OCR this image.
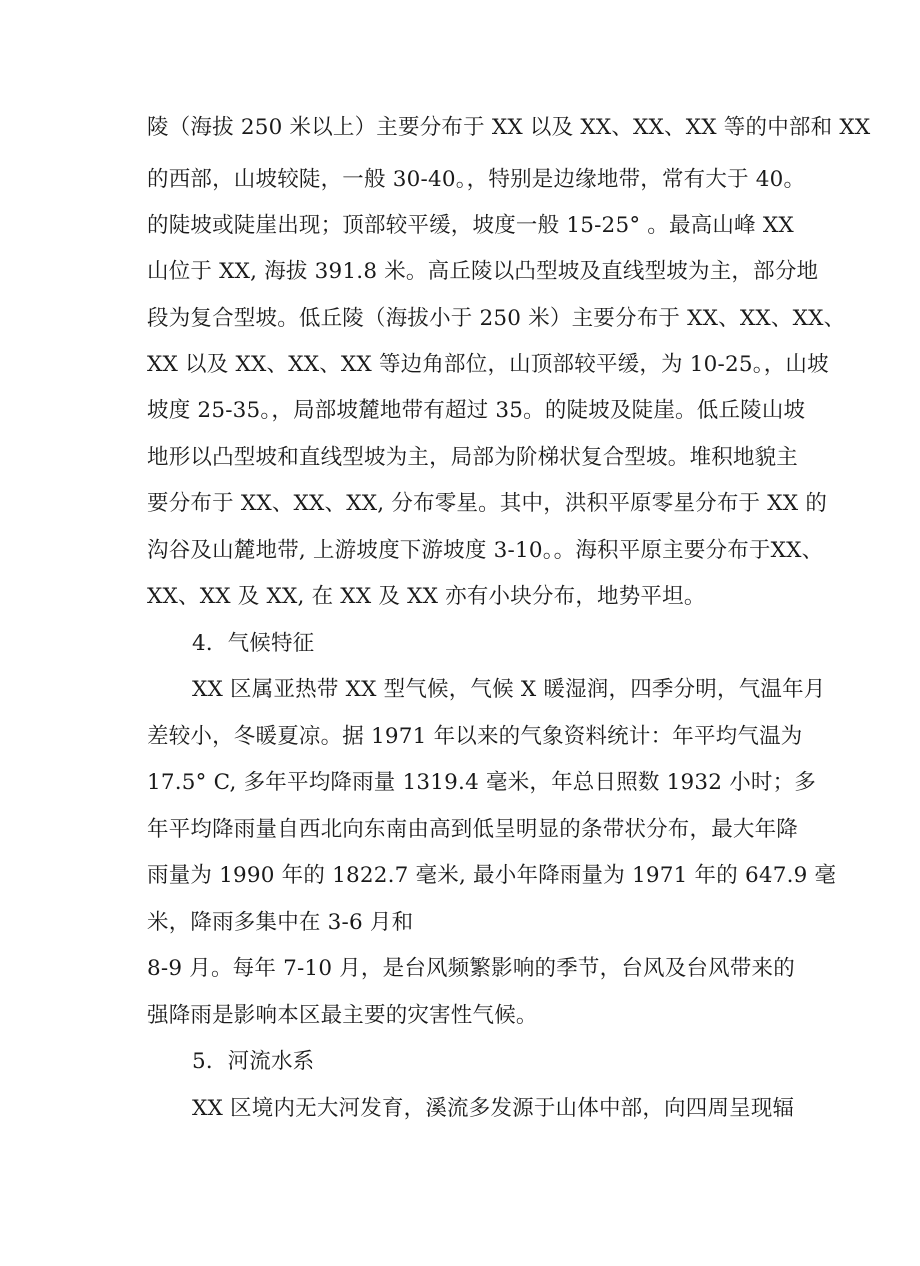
陵（海拔 250 米以上）主要分布于 XX 以及 XX、XX、XX 等的中部和 XX
的西部，山坡较陡，一般 30-40。，特别是边缘地带，常有大于 40。
的陡坡或陡崖出现；顶部较平缓，坡度一般 15-25° 。最高山峰 XX
山位于 XX, 海拔 391.8 米。高丘陵以凸型坡及直线型坡为主，部分地
段为复合型坡。低丘陵（海拔小于 250 米）主要分布于 XX、XX、XX、
XX 以及 XX、XX、XX 等边角部位，山顶部较平缓，为 10-25。，山坡
坡度 25-35。，局部坡麓地带有超过 35。的陡坡及陡崖。低丘陵山坡
地形以凸型坡和直线型坡为主，局部为阶梯状复合型坡。堆积地貌主
要分布于 XX、XX、XX, 分布零星。其中，洪积平原零星分布于 XX 的
沟谷及山麓地带, 上游坡度下游坡度 3-10。。海积平原主要分布于XX、
XX、XX 及 XX, 在 XX 及 XX 亦有小块分布，地势平坦。
4．气候特征
XX 区属亚热带 XX 型气候，气候 X 暖湿润，四季分明，气温年月
差较小，冬暖夏凉。据 1971 年以来的气象资料统计：年平均气温为
17.5° C, 多年平均降雨量 1319.4 毫米，年总日照数 1932 小时；多
年平均降雨量自西北向东南由高到低呈明显的条带状分布，最大年降
雨量为 1990 年的 1822.7 毫米, 最小年降雨量为 1971 年的 647.9 毫
米，降雨多集中在 3-6 月和
8-9 月。每年 7-10 月，是台风频繁影响的季节，台风及台风带来的
强降雨是影响本区最主要的灾害性气候。
5．河流水系
XX 区境内无大河发育，溪流多发源于山体中部，向四周呈现辐
